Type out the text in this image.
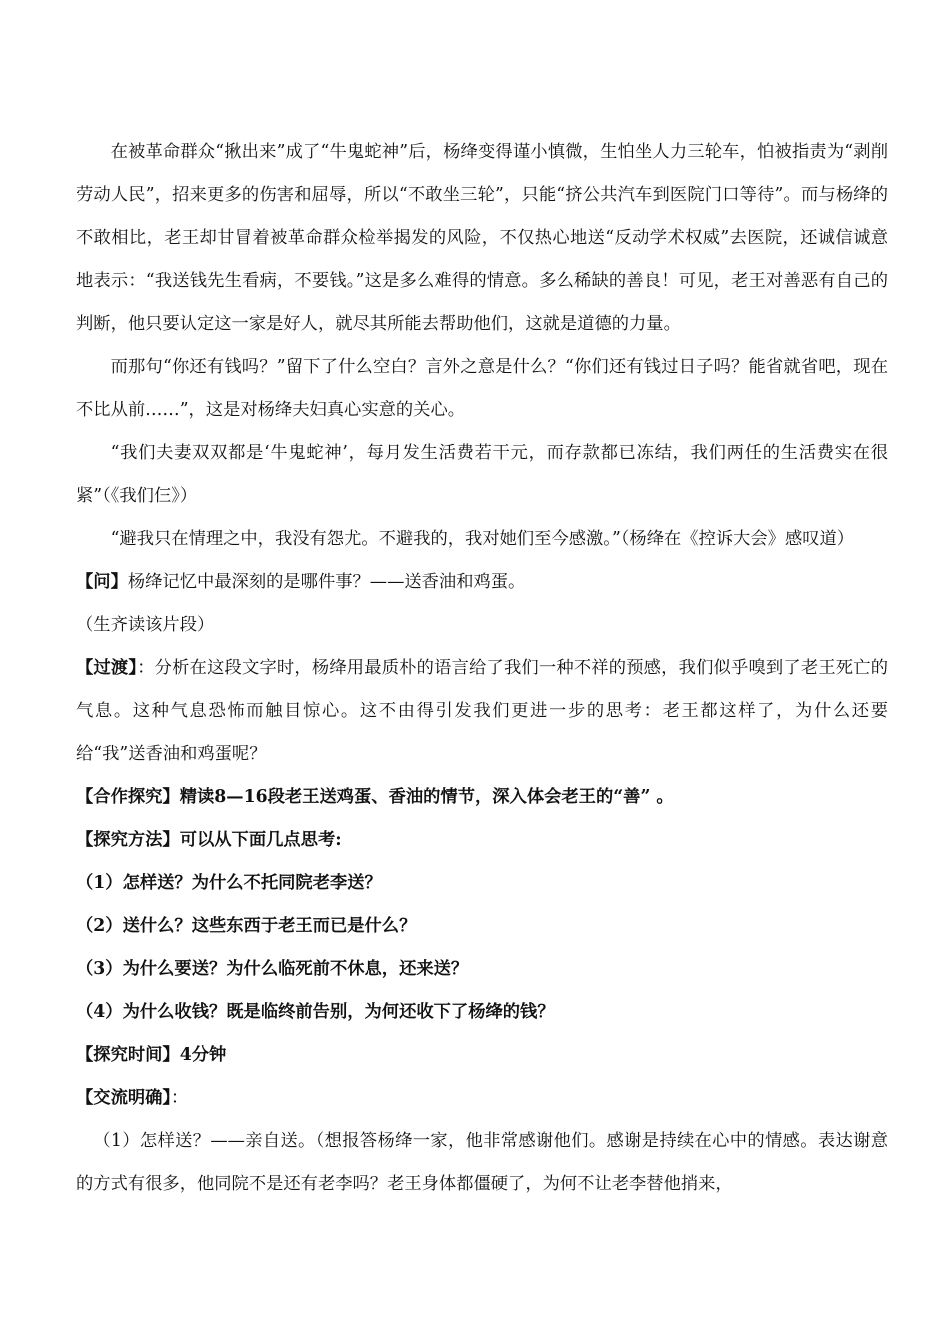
在被革命群众“揪出来”成了“牛鬼蛇神”后，杨绛变得谨小慎微，生怕坐人力三轮车，怕被指责为“剥削劳动人民”，招来更多的伤害和屈辱，所以“不敢坐三轮”，只能“挤公共汽车到医院门口等待”。而与杨绛的不敢相比，老王却甘冒着被革命群众检举揭发的风险，不仅热心地送“反动学术权威”去医院，还诚信诚意地表示：“我送钱先生看病，不要钱。”这是多么难得的情意。多么稀缺的善良！可见，老王对善恶有自己的判断，他只要认定这一家是好人，就尽其所能去帮助他们，这就是道德的力量。

而那句“你还有钱吗？”留下了什么空白？言外之意是什么？“你们还有钱过日子吗？能省就省吧，现在不比从前……”，这是对杨绛夫妇真心实意的关心。

“我们夫妻双双都是‘牛鬼蛇神’，每月发生活费若干元，而存款都已冻结，我们两任的生活费实在很紧”（《我们仨》）

“避我只在情理之中，我没有怨尤。不避我的，我对她们至今感激。”（杨绛在《控诉大会》感叹道）

【问】杨绛记忆中最深刻的是哪件事？——送香油和鸡蛋。

（生齐读该片段）

【过渡】：分析在这段文字时，杨绛用最质朴的语言给了我们一种不祥的预感，我们似乎嗅到了老王死亡的气息。这种气息恐怖而触目惊心。这不由得引发我们更进一步的思考：老王都这样了，为什么还要给“我”送香油和鸡蛋呢？

【合作探究】精读8—16段老王送鸡蛋、香油的情节，深入体会老王的“善” 。

【探究方法】可以从下面几点思考:

（1）怎样送？为什么不托同院老李送？

（2）送什么？这些东西于老王而已是什么？

（3）为什么要送？为什么临死前不休息，还来送？

（4）为什么收钱？既是临终前告别，为何还收下了杨绛的钱？

【探究时间】4分钟

【交流明确】：

（1）怎样送？——亲自送。（想报答杨绛一家，他非常感谢他们。感谢是持续在心中的情感。表达谢意的方式有很多，他同院不是还有老李吗？老王身体都僵硬了，为何不让老李替他捎来，
